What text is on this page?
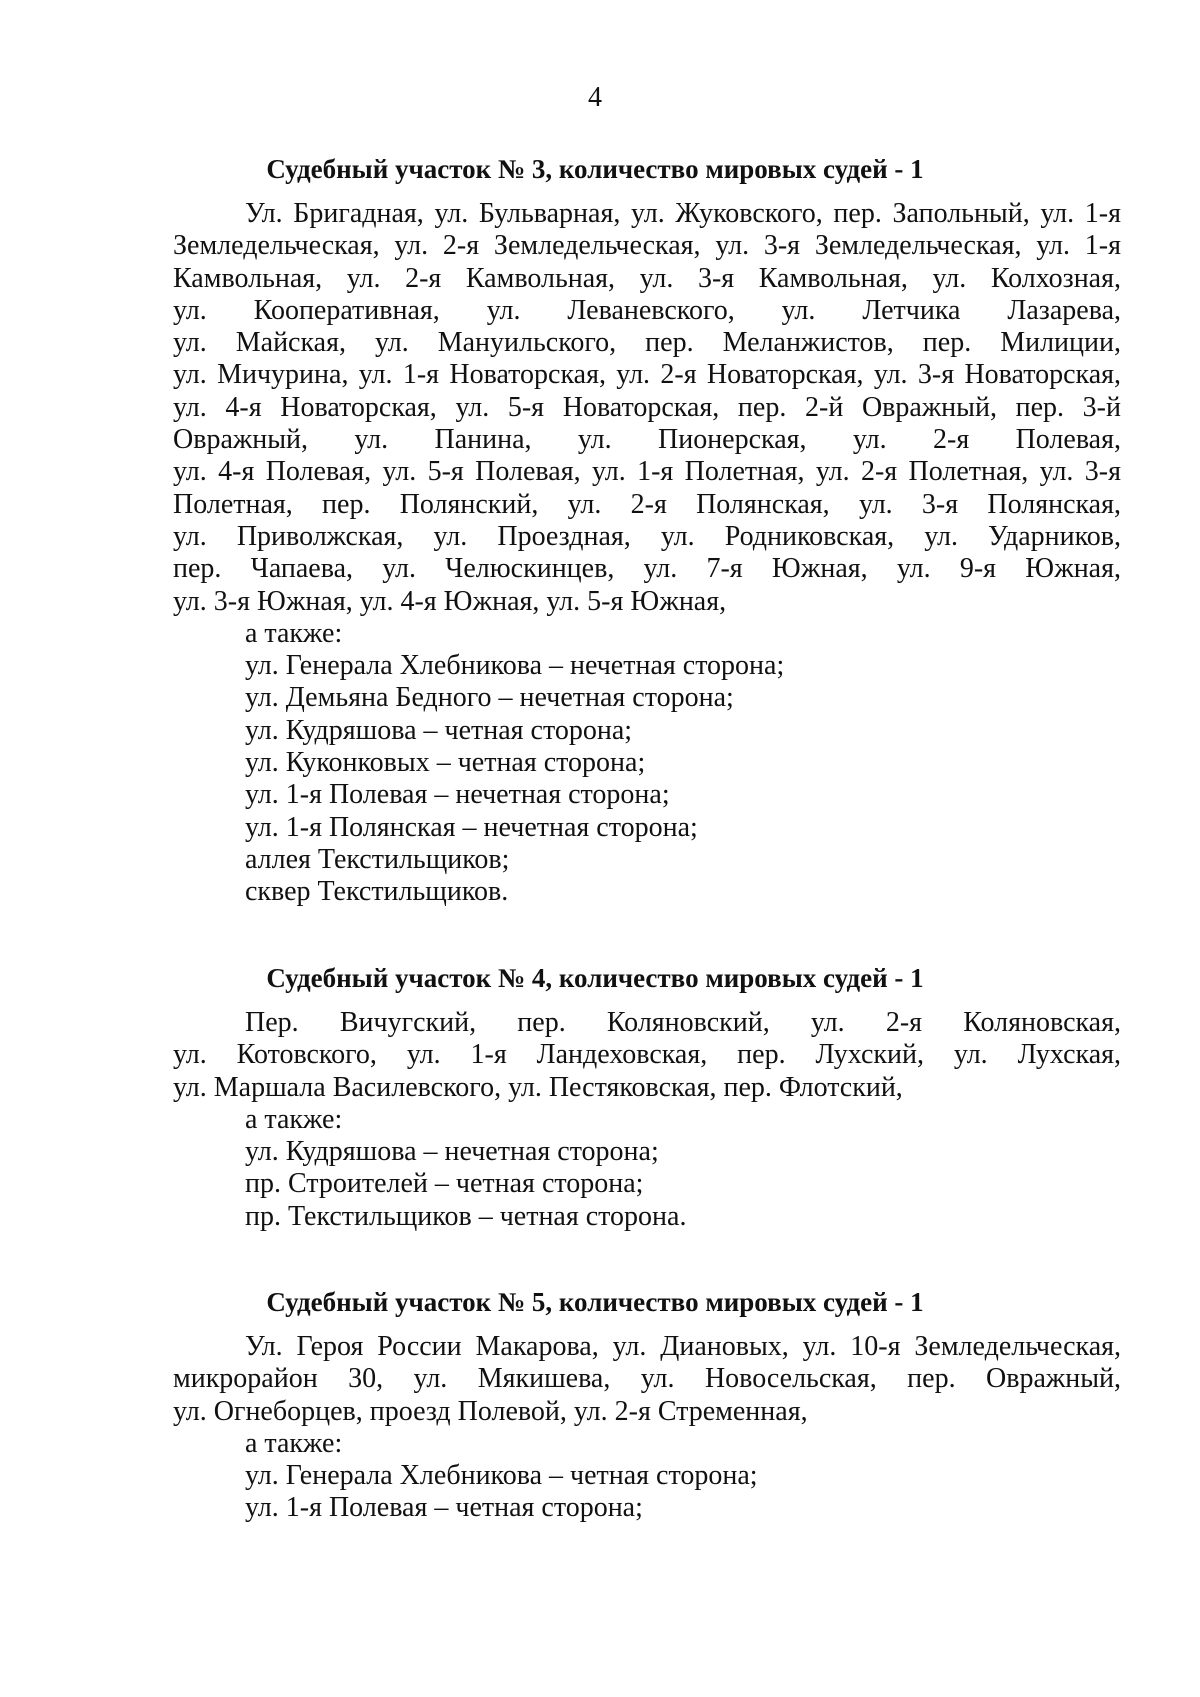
4
Судебный участок № 3, количество мировых судей - 1
Ул. Бригадная, ул. Бульварная, ул. Жуковского, пер. Запольный, ул. 1-я
Земледельческая, ул. 2-я Земледельческая, ул. 3-я Земледельческая, ул. 1-я
Камвольная, ул. 2-я Камвольная, ул. 3-я Камвольная, ул. Колхозная,
ул. Кооперативная, ул. Леваневского, ул. Летчика Лазарева,
ул. Майская, ул. Мануильского, пер. Меланжистов, пер. Милиции,
ул. Мичурина, ул. 1-я Новаторская, ул. 2-я Новаторская, ул. 3-я Новаторская,
ул. 4-я Новаторская, ул. 5-я Новаторская, пер. 2-й Овражный, пер. 3-й
Овражный, ул. Панина, ул. Пионерская, ул. 2-я Полевая,
ул. 4-я Полевая, ул. 5-я Полевая, ул. 1-я Полетная, ул. 2-я Полетная, ул. 3-я
Полетная, пер. Полянский, ул. 2-я Полянская, ул. 3-я Полянская,
ул. Приволжская, ул. Проездная, ул. Родниковская, ул. Ударников,
пер. Чапаева, ул. Челюскинцев, ул. 7-я Южная, ул. 9-я Южная,
ул. 3-я Южная, ул. 4-я Южная, ул. 5-я Южная,
а также:
ул. Генерала Хлебникова – нечетная сторона;
ул. Демьяна Бедного – нечетная сторона;
ул. Кудряшова – четная сторона;
ул. Куконковых – четная сторона;
ул. 1-я Полевая – нечетная сторона;
ул. 1-я Полянская – нечетная сторона;
аллея Текстильщиков;
сквер Текстильщиков.
Судебный участок № 4, количество мировых судей - 1
Пер. Вичугский, пер. Коляновский, ул. 2-я Коляновская,
ул. Котовского, ул. 1-я Ландеховская, пер. Лухский, ул. Лухская,
ул. Маршала Василевского, ул. Пестяковская, пер. Флотский,
а также:
ул. Кудряшова – нечетная сторона;
пр. Строителей – четная сторона;
пр. Текстильщиков – четная сторона.
Судебный участок № 5, количество мировых судей - 1
Ул. Героя России Макарова, ул. Диановых, ул. 10-я Земледельческая,
микрорайон 30, ул. Мякишева, ул. Новосельская, пер. Овражный,
ул. Огнеборцев, проезд Полевой, ул. 2-я Стременная,
а также:
ул. Генерала Хлебникова – четная сторона;
ул. 1-я Полевая – четная сторона;
